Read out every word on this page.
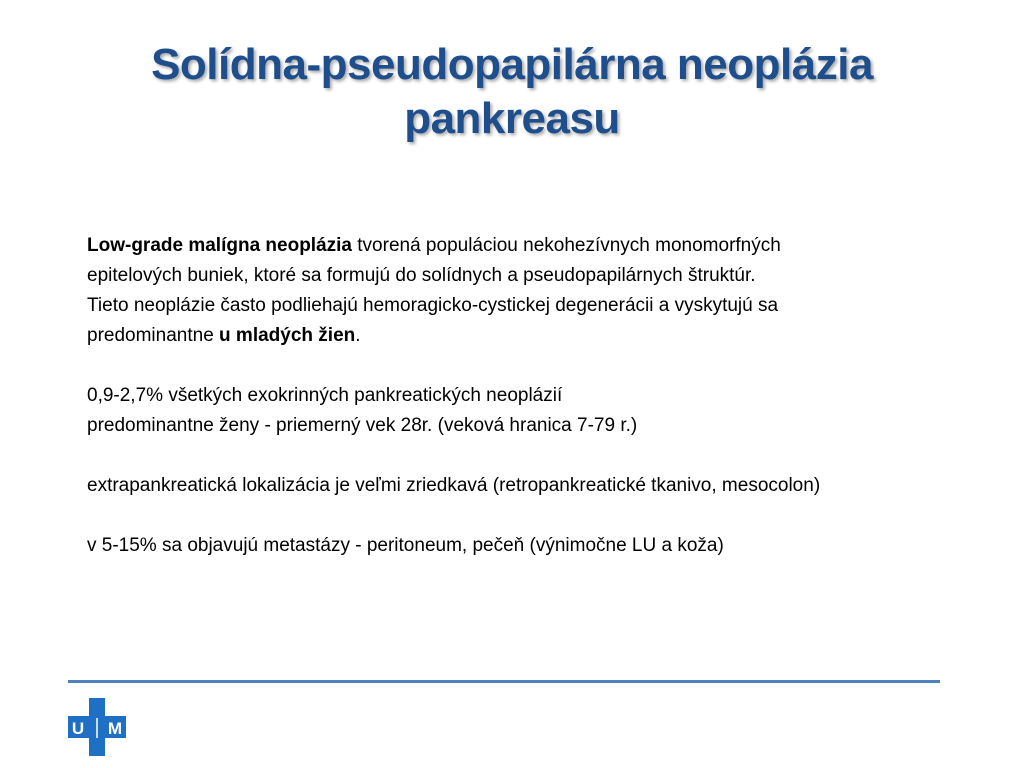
Solídna-pseudopapilárna neoplázia
pankreasu

Low-grade malígna neoplázia tvorená populáciou nekohezívnych monomorfných

epitelových buniek, ktoré sa formujú do solídnych a pseudopapilárnych štruktúr.

Tieto neoplázie často podliehajú hemoragicko-cystickej degenerácii a vyskytujú sa

predominantne u mladých žien.

0,9-2,7% všetkých exokrinných pankreatických neoplázií

predominantne ženy - priemerný vek 28r. (veková hranica 7-79 r.)

extrapankreatická lokalizácia je veľmi zriedkavá (retropankreatické tkanivo, mesocolon)

v 5-15% sa objavujú metastázy - peritoneum, pečeň (výnimočne LU a koža)

U M
